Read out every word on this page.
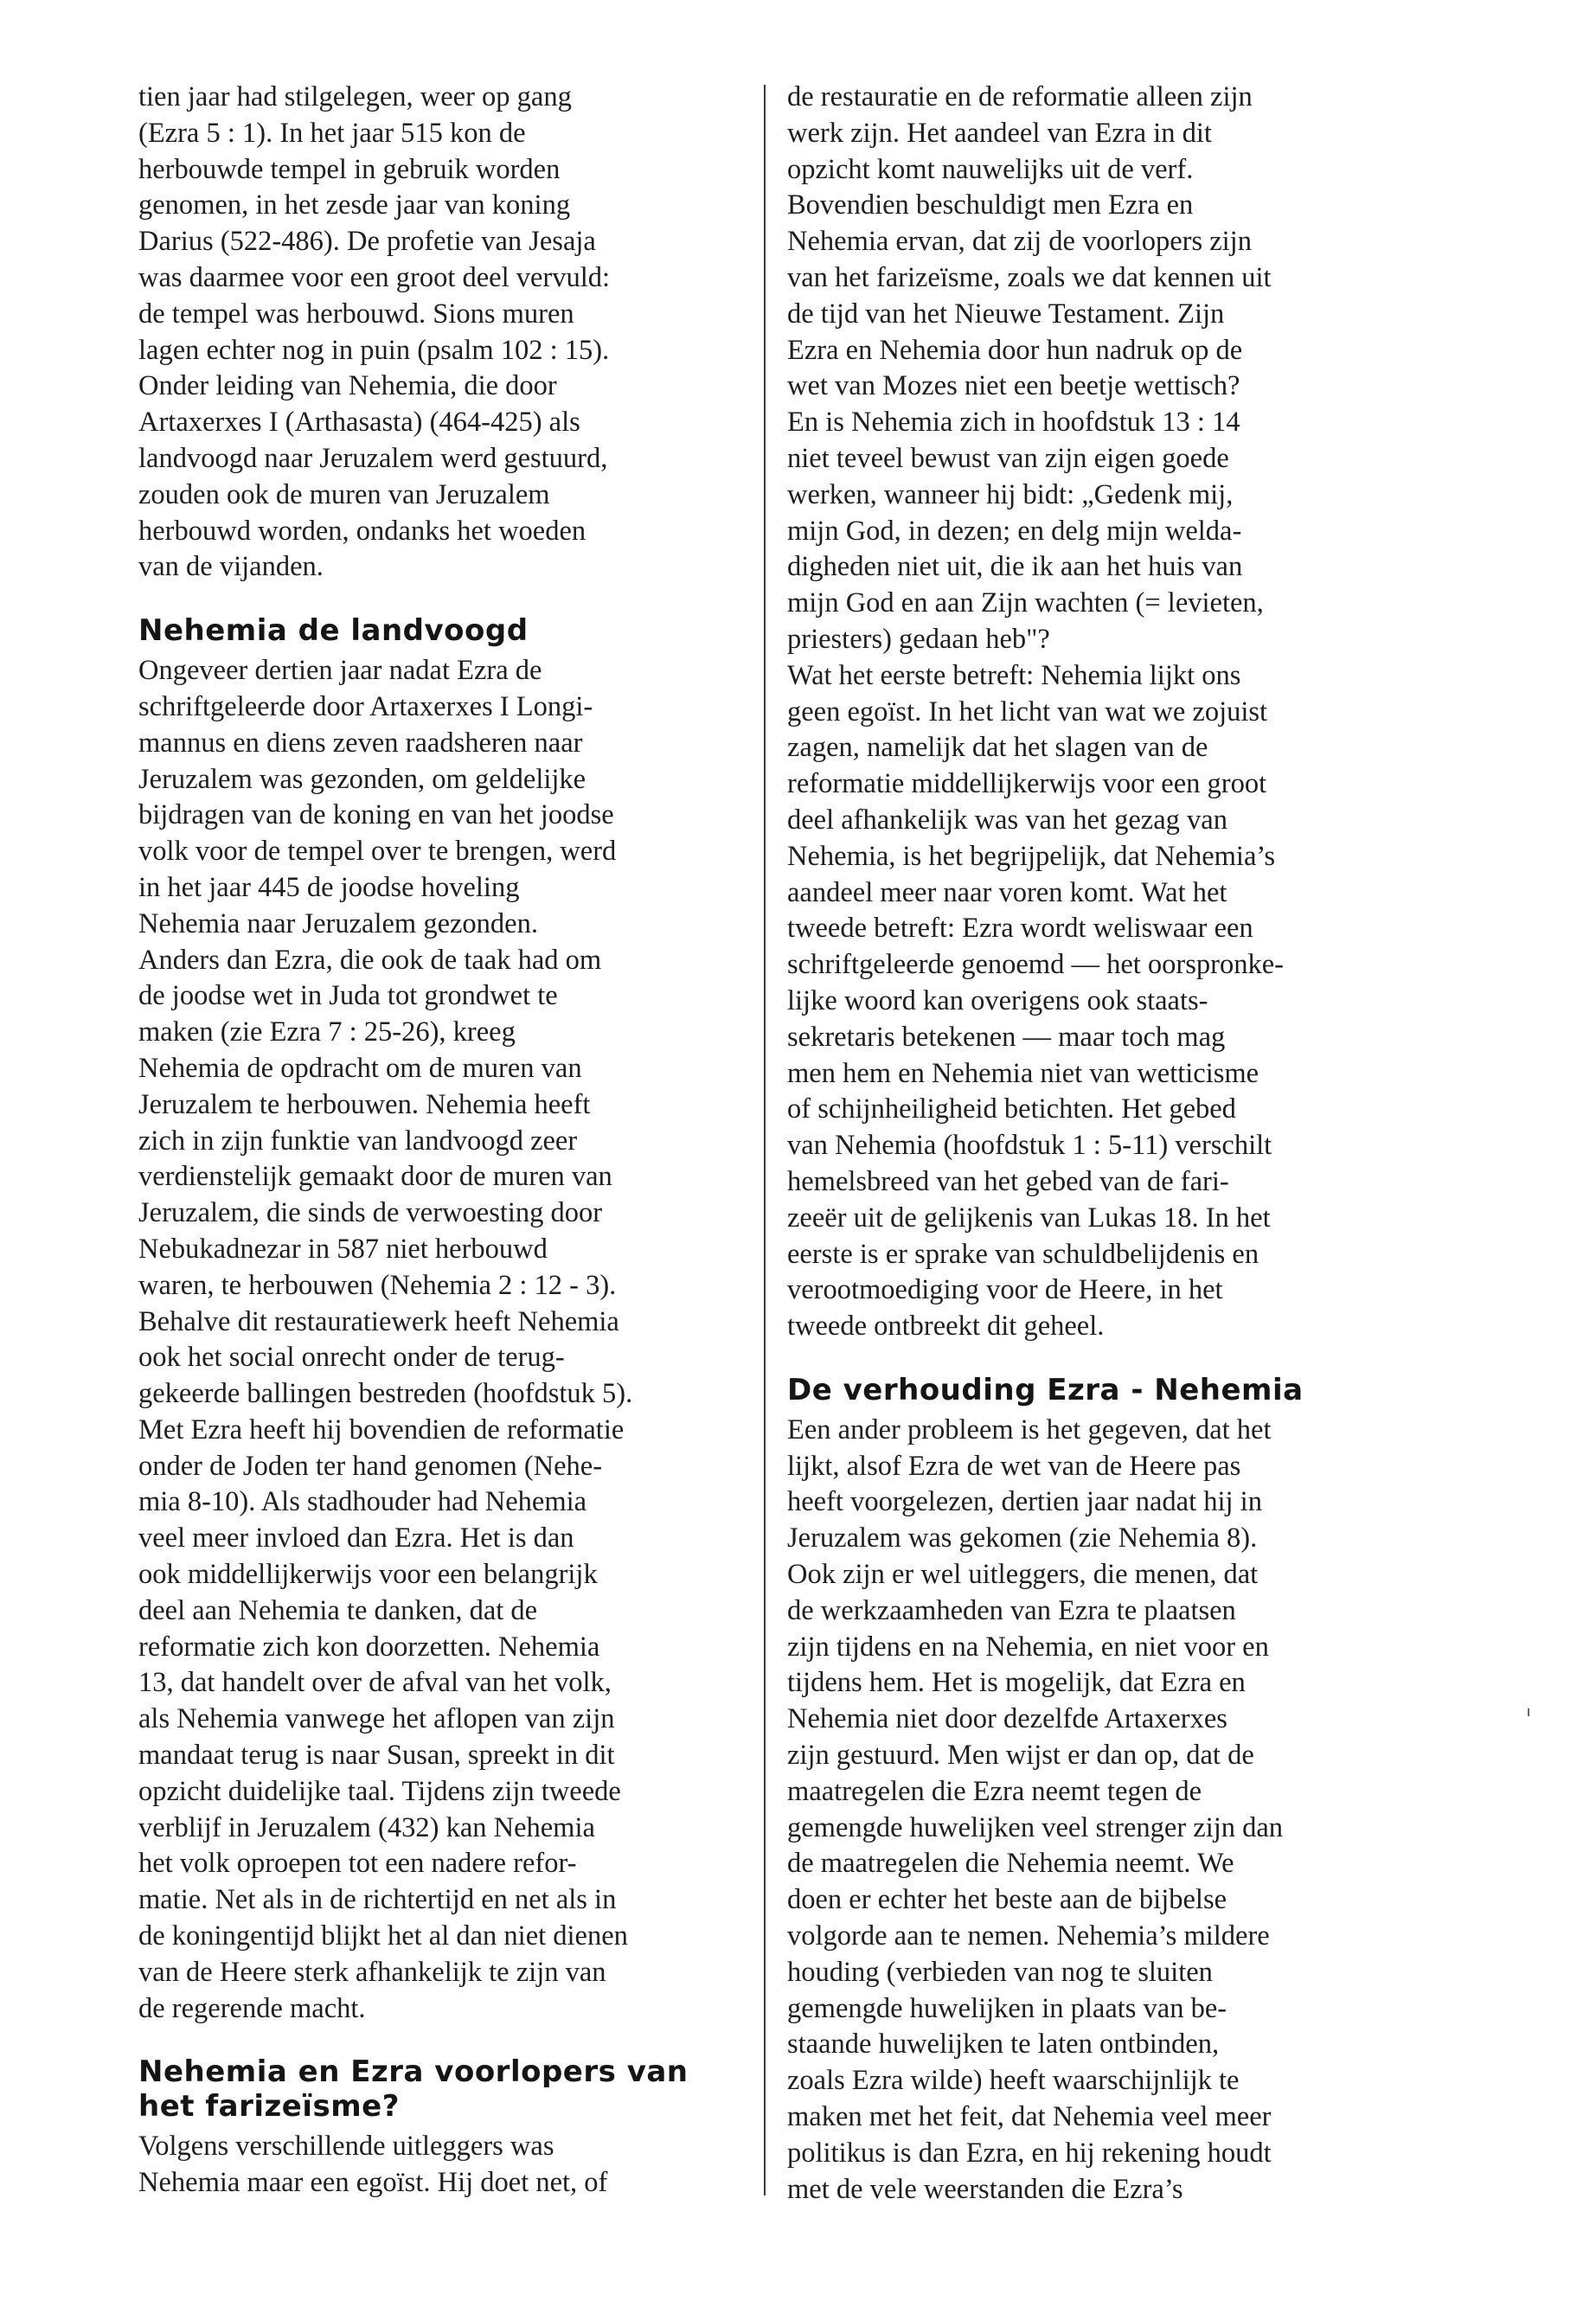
tien jaar had stilgelegen, weer op gang
(Ezra 5 : 1). In het jaar 515 kon de
herbouwde tempel in gebruik worden
genomen, in het zesde jaar van koning
Darius (522-486). De profetie van Jesaja
was daarmee voor een groot deel vervuld:
de tempel was herbouwd. Sions muren
lagen echter nog in puin (psalm 102 : 15).
Onder leiding van Nehemia, die door
Artaxerxes I (Arthasasta) (464-425) als
landvoogd naar Jeruzalem werd gestuurd,
zouden ook de muren van Jeruzalem
herbouwd worden, ondanks het woeden
van de vijanden.

Nehemia de landvoogd

Ongeveer dertien jaar nadat Ezra de
schriftgeleerde door Artaxerxes I Longi-
mannus en diens zeven raadsheren naar
Jeruzalem was gezonden, om geldelijke
bijdragen van de koning en van het joodse
volk voor de tempel over te brengen, werd
in het jaar 445 de joodse hoveling
Nehemia naar Jeruzalem gezonden.
Anders dan Ezra, die ook de taak had om
de joodse wet in Juda tot grondwet te
maken (zie Ezra 7 : 25-26), kreeg
Nehemia de opdracht om de muren van
Jeruzalem te herbouwen. Nehemia heeft
zich in zijn funktie van landvoogd zeer
verdienstelijk gemaakt door de muren van
Jeruzalem, die sinds de verwoesting door
Nebukadnezar in 587 niet herbouwd
waren, te herbouwen (Nehemia 2 : 12 - 3).
Behalve dit restauratiewerk heeft Nehemia
ook het social onrecht onder de terug-
gekeerde ballingen bestreden (hoofdstuk 5).
Met Ezra heeft hij bovendien de reformatie
onder de Joden ter hand genomen (Nehe-
mia 8-10). Als stadhouder had Nehemia
veel meer invloed dan Ezra. Het is dan
ook middellijkerwijs voor een belangrijk
deel aan Nehemia te danken, dat de
reformatie zich kon doorzetten. Nehemia
13, dat handelt over de afval van het volk,
als Nehemia vanwege het aflopen van zijn
mandaat terug is naar Susan, spreekt in dit
opzicht duidelijke taal. Tijdens zijn tweede
verblijf in Jeruzalem (432) kan Nehemia
het volk oproepen tot een nadere refor-
matie. Net als in de richtertijd en net als in
de koningentijd blijkt het al dan niet dienen
van de Heere sterk afhankelijk te zijn van
de regerende macht.

Nehemia en Ezra voorlopers van
het farizeïsme?

Volgens verschillende uitleggers was
Nehemia maar een egoïst. Hij doet net, of

de restauratie en de reformatie alleen zijn
werk zijn. Het aandeel van Ezra in dit
opzicht komt nauwelijks uit de verf.
Bovendien beschuldigt men Ezra en
Nehemia ervan, dat zij de voorlopers zijn
van het farizeïsme, zoals we dat kennen uit
de tijd van het Nieuwe Testament. Zijn
Ezra en Nehemia door hun nadruk op de
wet van Mozes niet een beetje wettisch?
En is Nehemia zich in hoofdstuk 13 : 14
niet teveel bewust van zijn eigen goede
werken, wanneer hij bidt: „Gedenk mij,
mijn God, in dezen; en delg mijn welda-
digheden niet uit, die ik aan het huis van
mijn God en aan Zijn wachten (= levieten,
priesters) gedaan heb"?
Wat het eerste betreft: Nehemia lijkt ons
geen egoïst. In het licht van wat we zojuist
zagen, namelijk dat het slagen van de
reformatie middellijkerwijs voor een groot
deel afhankelijk was van het gezag van
Nehemia, is het begrijpelijk, dat Nehemia’s
aandeel meer naar voren komt. Wat het
tweede betreft: Ezra wordt weliswaar een
schriftgeleerde genoemd — het oorspronke-
lijke woord kan overigens ook staats-
sekretaris betekenen — maar toch mag
men hem en Nehemia niet van wetticisme
of schijnheiligheid betichten. Het gebed
van Nehemia (hoofdstuk 1 : 5-11) verschilt
hemelsbreed van het gebed van de fari-
zeeër uit de gelijkenis van Lukas 18. In het
eerste is er sprake van schuldbelijdenis en
verootmoediging voor de Heere, in het
tweede ontbreekt dit geheel.

De verhouding Ezra - Nehemia

Een ander probleem is het gegeven, dat het
lijkt, alsof Ezra de wet van de Heere pas
heeft voorgelezen, dertien jaar nadat hij in
Jeruzalem was gekomen (zie Nehemia 8).
Ook zijn er wel uitleggers, die menen, dat
de werkzaamheden van Ezra te plaatsen
zijn tijdens en na Nehemia, en niet voor en
tijdens hem. Het is mogelijk, dat Ezra en
Nehemia niet door dezelfde Artaxerxes
zijn gestuurd. Men wijst er dan op, dat de
maatregelen die Ezra neemt tegen de
gemengde huwelijken veel strenger zijn dan
de maatregelen die Nehemia neemt. We
doen er echter het beste aan de bijbelse
volgorde aan te nemen. Nehemia’s mildere
houding (verbieden van nog te sluiten
gemengde huwelijken in plaats van be-
staande huwelijken te laten ontbinden,
zoals Ezra wilde) heeft waarschijnlijk te
maken met het feit, dat Nehemia veel meer
politikus is dan Ezra, en hij rekening houdt
met de vele weerstanden die Ezra’s
